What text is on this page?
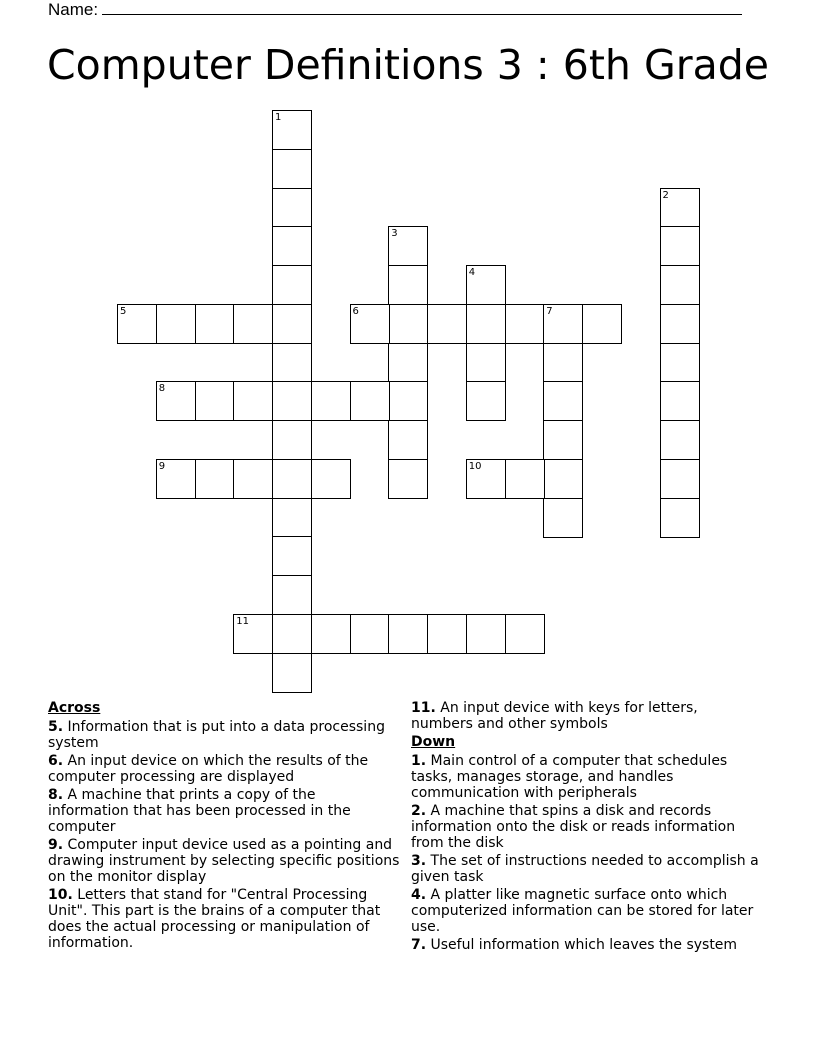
Name:
Computer Definitions 3 : 6th Grade
1
2
3
4
5	6	7
8
9	10
11
Across
5. Information that is put into a data processing system
6. An input device on which the results of the computer processing are displayed
8. A machine that prints a copy of the information that has been processed in the computer
9. Computer input device used as a pointing and drawing instrument by selecting specific positions on the monitor display
10. Letters that stand for "Central Processing Unit". This part is the brains of a computer that does the actual processing or manipulation of information.
11. An input device with keys for letters, numbers and other symbols
Down
1. Main control of a computer that schedules tasks, manages storage, and handles communication with peripherals
2. A machine that spins a disk and records information onto the disk or reads information from the disk
3. The set of instructions needed to accomplish a given task
4. A platter like magnetic surface onto which computerized information can be stored for later use.
7. Useful information which leaves the system
